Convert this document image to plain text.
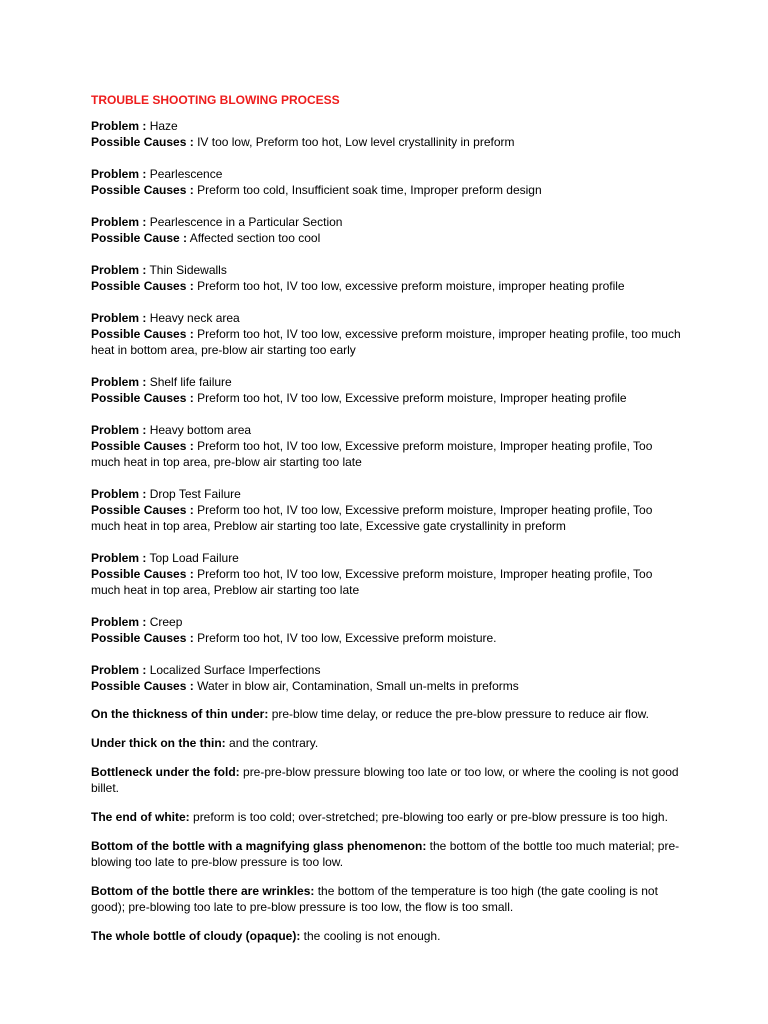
TROUBLE SHOOTING BLOWING PROCESS
Problem : Haze
Possible Causes : IV too low, Preform too hot, Low level crystallinity in preform
Problem : Pearlescence
Possible Causes : Preform too cold, Insufficient soak time, Improper preform design
Problem : Pearlescence in a Particular Section
Possible Cause : Affected section too cool
Problem : Thin Sidewalls
Possible Causes : Preform too hot, IV too low, excessive preform moisture, improper heating profile
Problem : Heavy neck area
Possible Causes : Preform too hot, IV too low, excessive preform moisture, improper heating profile, too much heat in bottom area, pre-blow air starting too early
Problem : Shelf life failure
Possible Causes : Preform too hot, IV too low, Excessive preform moisture, Improper heating profile
Problem : Heavy bottom area
Possible Causes : Preform too hot, IV too low, Excessive preform moisture, Improper heating profile, Too much heat in top area, pre-blow air starting too late
Problem : Drop Test Failure
Possible Causes : Preform too hot, IV too low, Excessive preform moisture, Improper heating profile, Too much heat in top area, Preblow air starting too late, Excessive gate crystallinity in preform
Problem : Top Load Failure
Possible Causes : Preform too hot, IV too low, Excessive preform moisture, Improper heating profile, Too much heat in top area, Preblow air starting too late
Problem : Creep
Possible Causes : Preform too hot, IV too low, Excessive preform moisture.
Problem : Localized Surface Imperfections
Possible Causes : Water in blow air, Contamination, Small un-melts in preforms
On the thickness of thin under: pre-blow time delay, or reduce the pre-blow pressure to reduce air flow.
Under thick on the thin: and the contrary.
Bottleneck under the fold: pre-pre-blow pressure blowing too late or too low, or where the cooling is not good billet.
The end of white: preform is too cold; over-stretched; pre-blowing too early or pre-blow pressure is too high.
Bottom of the bottle with a magnifying glass phenomenon: the bottom of the bottle too much material; pre-blowing too late to pre-blow pressure is too low.
Bottom of the bottle there are wrinkles: the bottom of the temperature is too high (the gate cooling is not good); pre-blowing too late to pre-blow pressure is too low, the flow is too small.
The whole bottle of cloudy (opaque): the cooling is not enough.
